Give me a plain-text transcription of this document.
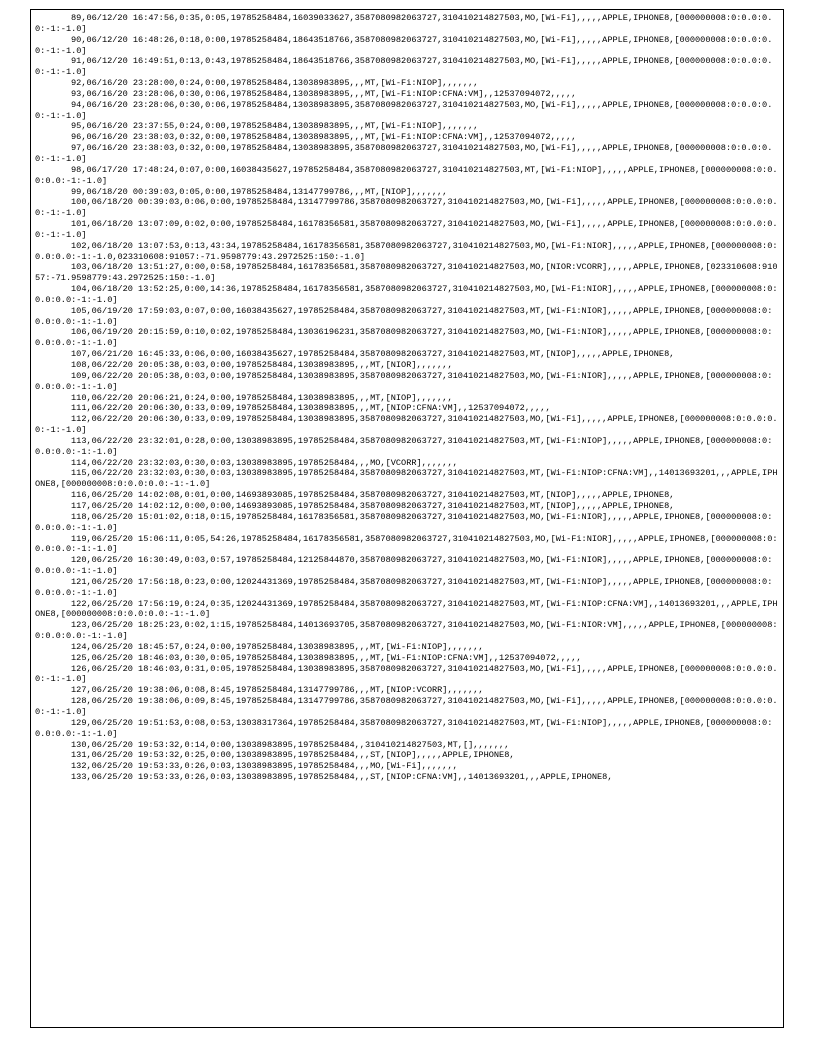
89,06/12/20 16:47:56,0:35,0:05,19785258484,16039033627,3587080982063727,310410214827503,MO,[Wi-Fi],,,,,APPLE,IPHONE8,[000000008:0:0.0:0.0:-1:-1.0]
90,06/12/20 16:48:26,0:18,0:00,19785258484,18643518766,3587080982063727,310410214827503,MO,[Wi-Fi],,,,,APPLE,IPHONE8,[000000008:0:0.0:0.0:-1:-1.0]
91,06/12/20 16:49:51,0:13,0:43,19785258484,18643518766,3587080982063727,310410214827503,MO,[Wi-Fi],,,,,APPLE,IPHONE8,[000000008:0:0.0:0.0:-1:-1.0]
92,06/16/20 23:28:00,0:24,0:00,19785258484,13038983895,,,MT,[Wi-Fi:NIOP],,,,,,,
93,06/16/20 23:28:06,0:30,0:06,19785258484,13038983895,,,MT,[Wi-Fi:NIOP:CFNA:VM],,12537094072,,,,,
94,06/16/20 23:28:06,0:30,0:06,19785258484,13038983895,3587080982063727,310410214827503,MO,[Wi-Fi],,,,,APPLE,IPHONE8,[000000008:0:0.0:0.0:-1:-1.0]
95,06/16/20 23:37:55,0:24,0:00,19785258484,13038983895,,,MT,[Wi-Fi:NIOP],,,,,,,
96,06/16/20 23:38:03,0:32,0:00,19785258484,13038983895,,,MT,[Wi-Fi:NIOP:CFNA:VM],,12537094072,,,,,
97,06/16/20 23:38:03,0:32,0:00,19785258484,13038983895,3587080982063727,310410214827503,MO,[Wi-Fi],,,,,APPLE,IPHONE8,[000000008:0:0.0:0.0:-1:-1.0]
98,06/17/20 17:48:24,0:07,0:00,16038435627,19785258484,3587080982063727,310410214827503,MT,[Wi-Fi:NIOP],,,,,APPLE,IPHONE8,[000000008:0:0.0:0.0:-1:-1.0]
99,06/18/20 00:39:03,0:05,0:00,19785258484,13147799786,,,MT,[NIOP],,,,,,,
100,06/18/20 00:39:03,0:06,0:00,19785258484,13147799786,3587080982063727,310410214827503,MO,[Wi-Fi],,,,,APPLE,IPHONE8,[000000008:0:0.0:0.0:-1:-1.0]
101,06/18/20 13:07:09,0:02,0:00,19785258484,16178356581,3587080982063727,310410214827503,MO,[Wi-Fi],,,,,APPLE,IPHONE8,[000000008:0:0.0:0.0:-1:-1.0]
102,06/18/20 13:07:53,0:13,43:34,19785258484,16178356581,3587080982063727,310410214827503,MO,[Wi-Fi:NIOR],,,,,APPLE,IPHONE8,[000000008:0:0.0:0.0:-1:-1.0,023310608:91057:-71.9598779:43.2972525:150:-1.0]
103,06/18/20 13:51:27,0:00,0:58,19785258484,16178356581,3587080982063727,310410214827503,MO,[NIOR:VCORR],,,,,APPLE,IPHONE8,[023310608:91057:-71.9598779:43.2972525:150:-1.0]
104,06/18/20 13:52:25,0:00,14:36,19785258484,16178356581,3587080982063727,310410214827503,MO,[Wi-Fi:NIOR],,,,,APPLE,IPHONE8,[000000008:0:0.0:0.0:-1:-1.0]
105,06/19/20 17:59:03,0:07,0:00,16038435627,19785258484,3587080982063727,310410214827503,MT,[Wi-Fi:NIOR],,,,,APPLE,IPHONE8,[000000008:0:0.0:0.0:-1:-1.0]
106,06/19/20 20:15:59,0:10,0:02,19785258484,13036196231,3587080982063727,310410214827503,MO,[Wi-Fi:NIOR],,,,,APPLE,IPHONE8,[000000008:0:0.0:0.0:-1:-1.0]
107,06/21/20 16:45:33,0:06,0:00,16038435627,19785258484,3587080982063727,310410214827503,MT,[NIOP],,,,,APPLE,IPHONE8,
108,06/22/20 20:05:38,0:03,0:00,19785258484,13038983895,,,MT,[NIOR],,,,,,,
109,06/22/20 20:05:38,0:03,0:00,19785258484,13038983895,3587080982063727,310410214827503,MO,[Wi-Fi:NIOR],,,,,APPLE,IPHONE8,[000000008:0:0.0:0.0:-1:-1.0]
110,06/22/20 20:06:21,0:24,0:00,19785258484,13038983895,,,MT,[NIOP],,,,,,,
111,06/22/20 20:06:30,0:33,0:09,19785258484,13038983895,,,MT,[NIOP:CFNA:VM],,12537094072,,,,,
112,06/22/20 20:06:30,0:33,0:09,19785258484,13038983895,3587080982063727,310410214827503,MO,[Wi-Fi],,,,,APPLE,IPHONE8,[000000008:0:0.0:0.0:-1:-1.0]
113,06/22/20 23:32:01,0:28,0:00,13038983895,19785258484,3587080982063727,310410214827503,MT,[Wi-Fi:NIOP],,,,,APPLE,IPHONE8,[000000008:0:0.0:0.0:-1:-1.0]
114,06/22/20 23:32:03,0:30,0:03,13038983895,19785258484,,,MO,[VCORR],,,,,,,
115,06/22/20 23:32:03,0:30,0:03,13038983895,19785258484,3587080982063727,310410214827503,MT,[Wi-Fi:NIOP:CFNA:VM],,14013693201,,,APPLE,IPHONE8,[000000008:0:0.0:0.0:-1:-1.0]
116,06/25/20 14:02:08,0:01,0:00,14693893085,19785258484,3587080982063727,310410214827503,MT,[NIOP],,,,,APPLE,IPHONE8,
117,06/25/20 14:02:12,0:00,0:00,14693893085,19785258484,3587080982063727,310410214827503,MT,[NIOP],,,,,APPLE,IPHONE8,
118,06/25/20 15:01:02,0:18,0:15,19785258484,16178356581,3587080982063727,310410214827503,MO,[Wi-Fi:NIOR],,,,,APPLE,IPHONE8,[000000008:0:0.0:0.0:-1:-1.0]
119,06/25/20 15:06:11,0:05,54:26,19785258484,16178356581,3587080982063727,310410214827503,MO,[Wi-Fi:NIOR],,,,,APPLE,IPHONE8,[000000008:0:0.0:0.0:-1:-1.0]
120,06/25/20 16:30:49,0:03,0:57,19785258484,12125844870,3587080982063727,310410214827503,MO,[Wi-Fi:NIOR],,,,,APPLE,IPHONE8,[000000008:0:0.0:0.0:-1:-1.0]
121,06/25/20 17:56:18,0:23,0:00,12024431369,19785258484,3587080982063727,310410214827503,MT,[Wi-Fi:NIOP],,,,,APPLE,IPHONE8,[000000008:0:0.0:0.0:-1:-1.0]
122,06/25/20 17:56:19,0:24,0:35,12024431369,19785258484,3587080982063727,310410214827503,MT,[Wi-Fi:NIOP:CFNA:VM],,14013693201,,,APPLE,IPHONE8,[000000008:0:0.0:0.0:-1:-1.0]
123,06/25/20 18:25:23,0:02,1:15,19785258484,14013693705,3587080982063727,310410214827503,MO,[Wi-Fi:NIOR:VM],,,,,APPLE,IPHONE8,[000000008:0:0.0:0.0:-1:-1.0]
124,06/25/20 18:45:57,0:24,0:00,19785258484,13038983895,,,MT,[Wi-Fi:NIOP],,,,,,,
125,06/25/20 18:46:03,0:30,0:05,19785258484,13038983895,,,MT,[Wi-Fi:NIOP:CFNA:VM],,12537094072,,,,,
126,06/25/20 18:46:03,0:31,0:05,19785258484,13038983895,3587080982063727,310410214827503,MO,[Wi-Fi],,,,,APPLE,IPHONE8,[000000008:0:0.0:0.0:-1:-1.0]
127,06/25/20 19:38:06,0:08,8:45,19785258484,13147799786,,,MT,[NIOP:VCORR],,,,,,,
128,06/25/20 19:38:06,0:09,8:45,19785258484,13147799786,3587080982063727,310410214827503,MO,[Wi-Fi],,,,,APPLE,IPHONE8,[000000008:0:0.0:0.0:-1:-1.0]
129,06/25/20 19:51:53,0:08,0:53,13038317364,19785258484,3587080982063727,310410214827503,MT,[Wi-Fi:NIOP],,,,,APPLE,IPHONE8,[000000008:0:0.0:0.0:-1:-1.0]
130,06/25/20 19:53:32,0:14,0:00,13038983895,19785258484,,310410214827503,MT,[],,,,,,,
131,06/25/20 19:53:32,0:25,0:00,13038983895,19785258484,,,ST,[NIOP],,,,,APPLE,IPHONE8,
132,06/25/20 19:53:33,0:26,0:03,13038983895,19785258484,,,MO,[Wi-Fi],,,,,,,
133,06/25/20 19:53:33,0:26,0:03,13038983895,19785258484,,,ST,[NIOP:CFNA:VM],,14013693201,,,APPLE,IPHONE8,
